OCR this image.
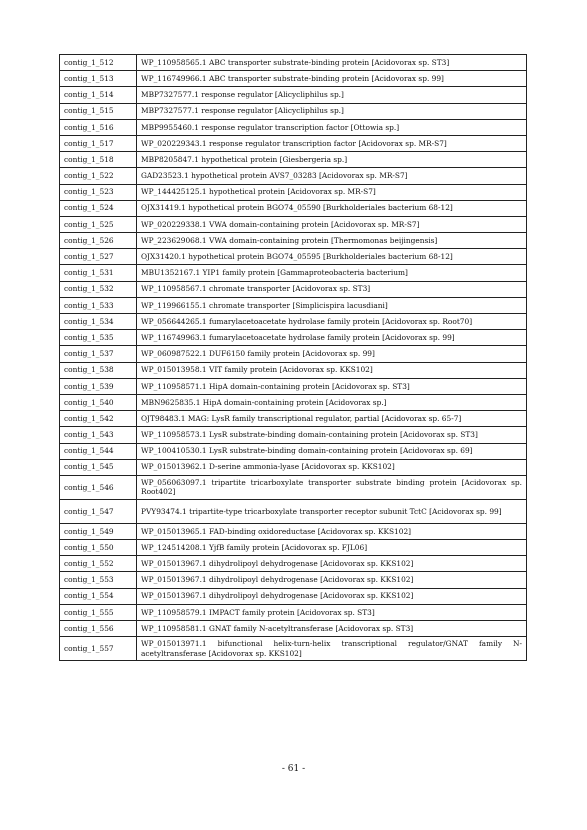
contig_1_512	WP_110958565.1 ABC transporter substrate-binding protein [Acidovorax sp. ST3]
contig_1_513	WP_116749966.1 ABC transporter substrate-binding protein [Acidovorax sp. 99]
contig_1_514	MBP7327577.1 response regulator [Alicycliphilus sp.]
contig_1_515	MBP7327577.1 response regulator [Alicycliphilus sp.]
contig_1_516	MBP9955460.1 response regulator transcription factor [Ottowia sp.]
contig_1_517	WP_020229343.1 response regulator transcription factor [Acidovorax sp. MR-S7]
contig_1_518	MBP8205847.1 hypothetical protein [Giesbergeria sp.]
contig_1_522	GAD23523.1 hypothetical protein AVS7_03283 [Acidovorax sp. MR-S7]
contig_1_523	WP_144425125.1 hypothetical protein [Acidovorax sp. MR-S7]
contig_1_524	OJX31419.1 hypothetical protein BGO74_05590 [Burkholderiales bacterium 68-12]
contig_1_525	WP_020229338.1 VWA domain-containing protein [Acidovorax sp. MR-S7]
contig_1_526	WP_223629068.1 VWA domain-containing protein [Thermomonas beijingensis]
contig_1_527	OJX31420.1 hypothetical protein BGO74_05595 [Burkholderiales bacterium 68-12]
contig_1_531	MBU1352167.1 YIP1 family protein [Gammaproteobacteria bacterium]
contig_1_532	WP_110958567.1 chromate transporter [Acidovorax sp. ST3]
contig_1_533	WP_119966155.1 chromate transporter [Simplicispira lacusdiani]
contig_1_534	WP_056644265.1 fumarylacetoacetate hydrolase family protein [Acidovorax sp. Root70]
contig_1_535	WP_116749963.1 fumarylacetoacetate hydrolase family protein [Acidovorax sp. 99]
contig_1_537	WP_060987522.1 DUF6150 family protein [Acidovorax sp. 99]
contig_1_538	WP_015013958.1 VIT family protein [Acidovorax sp. KKS102]
contig_1_539	WP_110958571.1 HipA domain-containing protein [Acidovorax sp. ST3]
contig_1_540	MBN9625835.1 HipA domain-containing protein [Acidovorax sp.]
contig_1_542	OJT98483.1 MAG: LysR family transcriptional regulator, partial [Acidovorax sp. 65-7]
contig_1_543	WP_110958573.1 LysR substrate-binding domain-containing protein [Acidovorax sp. ST3]
contig_1_544	WP_100410530.1 LysR substrate-binding domain-containing protein [Acidovorax sp. 69]
contig_1_545	WP_015013962.1 D-serine ammonia-lyase [Acidovorax sp. KKS102]
contig_1_546	WP_056063097.1 tripartite tricarboxylate transporter substrate binding protein [Acidovorax sp. Root402]
contig_1_547	PVY93474.1 tripartite-type tricarboxylate transporter receptor subunit TctC [Acidovorax sp. 99]
contig_1_549	WP_015013965.1 FAD-binding oxidoreductase [Acidovorax sp. KKS102]
contig_1_550	WP_124514208.1 YjfB family protein [Acidovorax sp. FJL06]
contig_1_552	WP_015013967.1 dihydrolipoyl dehydrogenase [Acidovorax sp. KKS102]
contig_1_553	WP_015013967.1 dihydrolipoyl dehydrogenase [Acidovorax sp. KKS102]
contig_1_554	WP_015013967.1 dihydrolipoyl dehydrogenase [Acidovorax sp. KKS102]
contig_1_555	WP_110958579.1 IMPACT family protein [Acidovorax sp. ST3]
contig_1_556	WP_110958581.1 GNAT family N-acetyltransferase [Acidovorax sp. ST3]
contig_1_557	WP_015013971.1 bifunctional helix-turn-helix transcriptional regulator/GNAT family N-acetyltransferase [Acidovorax sp. KKS102]
- 61 -
